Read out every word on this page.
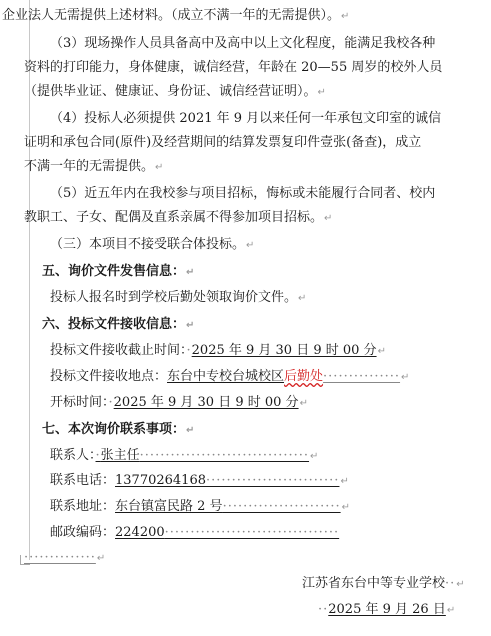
企业法人无需提供上述材料。（成立不满一年的无需提供）。↵
（3）现场操作人员具备高中及高中以上文化程度，能满足我校各种
资料的打印能力，身体健康，诚信经营，年龄在 20—55 周岁的校外人员
（提供毕业证、健康证、身份证、诚信经营证明）。↵
（4）投标人必须提供 2021 年 9 月以来任何一年承包文印室的诚信
证明和承包合同(原件)及经营期间的结算发票复印件壹张(备查)，成立
不满一年的无需提供。↵
（5）近五年内在我校参与项目招标，悔标或未能履行合同者、校内
教职工、子女、配偶及直系亲属不得参加项目招标。↵
（三）本项目不接受联合体投标。↵
五、询价文件发售信息：↵
投标人报名时到学校后勤处领取询价文件。↵
六、投标文件接收信息：↵
投标文件接收截止时间：·2025 年 9 月 30 日 9 时 00 分↵
投标文件接收地点：东台中专校台城校区后勤处···············↵
开标时间：·2025 年 9 月 30 日 9 时 00 分↵
七、本次询价联系事项：↵
联系人：·张主任·································↵
联系电话：13770264168··························↵
联系地址：东台镇富民路 2 号·······················↵
邮政编码：224200··································
··············↵
江苏省东台中等专业学校··↵
··2025 年 9 月 26 日↵
